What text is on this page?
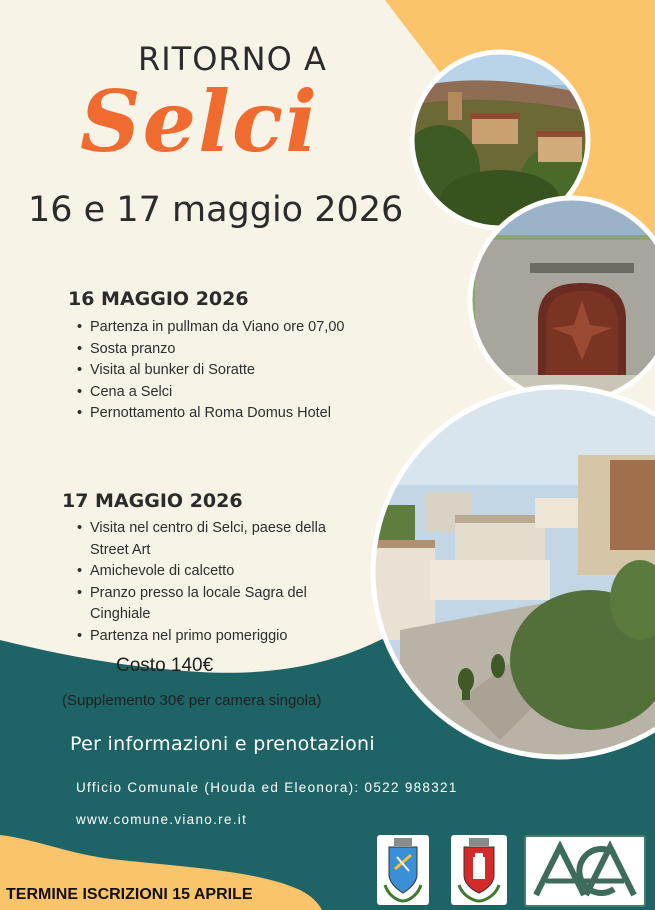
RITORNO A
Selci
16 e 17 maggio 2026
16 MAGGIO 2026
• Partenza in pullman da Viano ore 07,00
• Sosta pranzo
• Visita al bunker di Soratte
• Cena a Selci
• Pernottamento al Roma Domus Hotel
17 MAGGIO 2026
• Visita nel centro di Selci, paese della Street Art
• Amichevole di calcetto
• Pranzo presso la locale Sagra del Cinghiale
• Partenza nel primo pomeriggio
Costo 140€
(Supplemento 30€ per camera singola)
Per informazioni e prenotazioni
Ufficio Comunale (Houda ed Eleonora): 0522 988321
www.comune.viano.re.it
TERMINE ISCRIZIONI 15 APRILE
